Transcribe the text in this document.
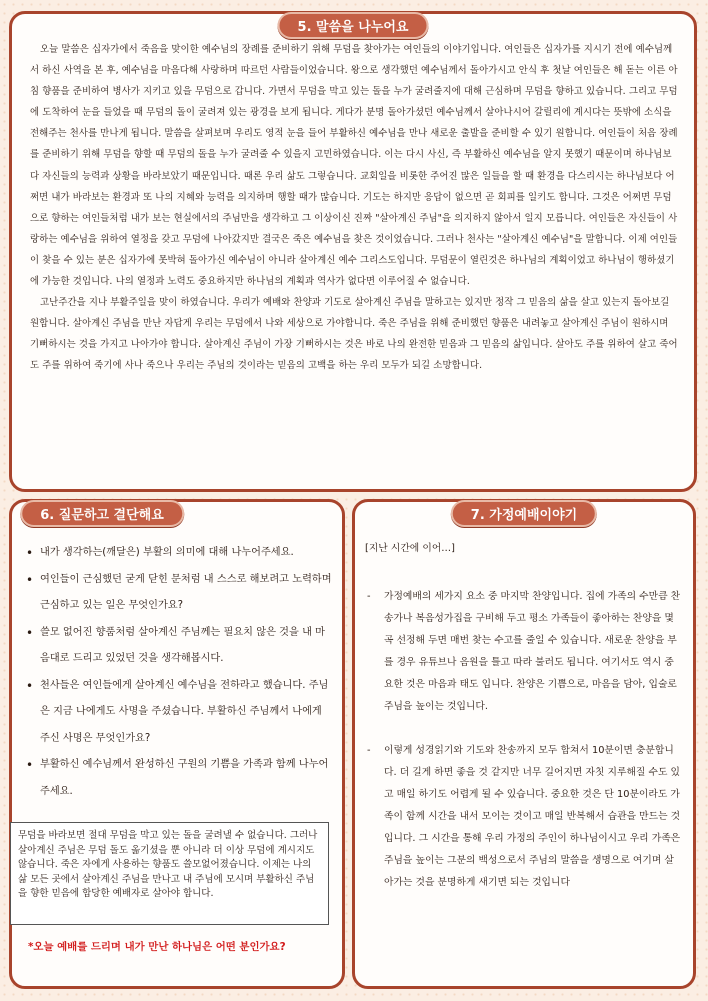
5. 말씀을 나누어요

오늘 말씀은 십자가에서 죽음을 맞이한 예수님의 장례를 준비하기 위해 무덤을 찾아가는 여인들의 이야기입니다. 여인들은 십자가를 지시기 전에 예수님께서 하신 사역을 본 후, 예수님을 마음다해 사랑하며 따르던 사람들이었습니다. 왕으로 생각했던 예수님께서 돌아가시고 안식 후 첫날 여인들은 해 돋는 이른 아침 향품을 준비하여 병사가 지키고 있을 무덤으로 갑니다. 가면서 무덤을 막고 있는 돌을 누가 굴려줄지에 대해 근심하며 무덤을 향하고 있습니다. 그리고 무덤에 도착하여 눈을 들었을 때 무덤의 돌이 굴려져 있는 광경을 보게 됩니다. 게다가 분명 돌아가셨던 예수님께서 살아나시어 갈릴리에 계시다는 뜻밖에 소식을 전해주는 천사를 만나게 됩니다. 말씀을 살펴보며 우리도 영적 눈을 들어 부활하신 예수님을 만나 새로운 출발을 준비할 수 있기 원합니다. 여인들이 처음 장례를 준비하기 위해 무덤을 향할 때 무덤의 돌을 누가 굴려줄 수 있을지 고민하였습니다. 이는 다시 사신, 즉 부활하신 예수님을 알지 못했기 때문이며 하나님보다 자신들의 능력과 상황을 바라보았기 때문입니다. 때론 우리 삶도 그렇습니다. 교회일을 비롯한 주어진 많은 일들을 할 때 환경을 다스리시는 하나님보다 어쩌면 내가 바라보는 환경과 또 나의 지혜와 능력을 의지하며 행할 때가 많습니다. 기도는 하지만 응답이 없으면 곧 회피를 일키도 합니다. 그것은 어쩌면 무덤으로 향하는 여인들처럼 내가 보는 현실에서의 주님만을 생각하고 그 이상이신 진짜 "살아계신 주님"을 의지하지 않아서 일지 모릅니다. 여인들은 자신들이 사랑하는 예수님을 위하여 열정을 갖고 무덤에 나아갔지만 결국은 죽은 예수님을 찾은 것이었습니다. 그러나 천사는 "살아계신 예수님"을 말합니다. 이제 여인들이 찾을 수 있는 분은 십자가에 못박혀 돌아가신 예수님이 아니라 살아계신 예수 그리스도입니다. 무덤문이 열린것은 하나님의 계획이었고 하나님이 행하셨기에 가능한 것입니다. 나의 열정과 노력도 중요하지만 하나님의 계획과 역사가 없다면 이루어질 수 없습니다.

고난주간을 지나 부활주일을 맞이 하였습니다. 우리가 예배와 찬양과 기도로 살아계신 주님을 말하고는 있지만 정작 그 믿음의 삶을 살고 있는지 돌아보길 원합니다. 살아계신 주님을 만난 자답게 우리는 무덤에서 나와 세상으로 가야합니다. 죽은 주님을 위해 준비했던 향품은 내려놓고 살아계신 주님이 원하시며 기뻐하시는 것을 가지고 나아가야 합니다. 살아계신 주님이 가장 기뻐하시는 것은 바로 나의 완전한 믿음과 그 믿음의 삶입니다. 살아도 주를 위하여 살고 죽어도 주를 위하여 죽기에 사나 죽으나 우리는 주님의 것이라는 믿음의 고백을 하는 우리 모두가 되길 소망합니다.

6. 질문하고 결단해요
• 내가 생각하는(깨달은) 부활의 의미에 대해 나누어주세요.
• 여인들이 근심했던 굳게 닫힌 문처럼 내 스스로 해보려고 노력하며 근심하고 있는 일은 무엇인가요?
• 쓸모 없어진 향품처럼 살아계신 주님께는 필요치 않은 것을 내 마음대로 드리고 있었던 것을 생각해봅시다.
• 천사들은 여인들에게 살아계신 예수님을 전하라고 했습니다. 주님은 지금 나에게도 사명을 주셨습니다. 부활하신 주님께서 나에게 주신 사명은 무엇인가요?
• 부활하신 예수님께서 완성하신 구원의 기쁨을 가족과 함께 나누어 주세요.
무덤을 바라보면 절대 무덤을 막고 있는 돌을 굴려낼 수 없습니다. 그러나 살아계신 주님은 무덤 돌도 옮기셨을 뿐 아니라 더 이상 무덤에 계시지도 않습니다. 죽은 자에게 사용하는 향품도 쓸모없어졌습니다. 이제는 나의 삶 모든 곳에서 살아계신 주님을 만나고 내 주님에 모시며 부활하신 주님을 향한 믿음에 합당한 예배자로 살아야 합니다.
*오늘 예배를 드리며 내가 만난 하나님은 어떤 분인가요?
7. 가정예배이야기

[지난 시간에 이어…]

- 가정예배의 세가지 요소 중 마지막 찬양입니다. 집에 가족의 수만큼 찬송가나 복음성가집을 구비해 두고 평소 가족들이 좋아하는 찬양을 몇 곡 선정해 두면 매번 찾는 수고를 줄일 수 있습니다. 새로운 찬양을 부를 경우 유튜브나 음원을 틀고 따라 불러도 됩니다. 여기서도 역시 중요한 것은 마음과 태도 입니다. 찬양은 기쁨으로, 마음을 담아, 입술로 주님을 높이는 것입니다.

- 이렇게 성경읽기와 기도와 찬송까지 모두 합쳐서 10분이면 충분합니다. 더 길게 하면 좋을 것 같지만 너무 길어지면 자칫 지루해질 수도 있고 매일 하기도 어렵게 될 수 있습니다. 중요한 것은 단 10분이라도 가족이 함께 시간을 내서 모이는 것이고 매일 반복해서 습관을 만드는 것입니다. 그 시간을 통해 우리 가정의 주인이 하나님이시고 우리 가족은 주님을 높이는 그분의 백성으로서 주님의 말씀을 생명으로 여기며 살아가는 것을 분명하게 새기면 되는 것입니다
